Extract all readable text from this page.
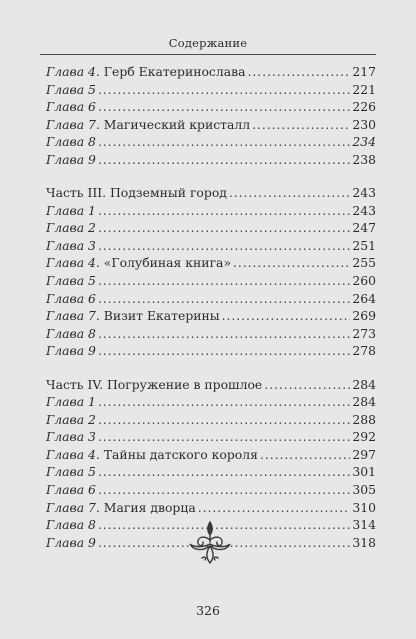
Содержание
Глава 4. Герб Екатеринослава . . .	217
Глава 5 . . .	221
Глава 6 . . .	226
Глава 7. Магический кристалл . . .	230
Глава 8 . . .	234
Глава 9 . . .	238
Часть III. Подземный город . . .	243
Глава 1 . . .	243
Глава 2 . . .	247
Глава 3 . . .	251
Глава 4. «Голубиная книга» . . .	255
Глава 5 . . .	260
Глава 6 . . .	264
Глава 7. Визит Екатерины . . .	269
Глава 8 . . .	273
Глава 9 . . .	278
Часть IV. Погружение в прошлое . . .	284
Глава 1 . . .	284
Глава 2 . . .	288
Глава 3 . . .	292
Глава 4. Тайны датского короля . . .	297
Глава 5 . . .	301
Глава 6 . . .	305
Глава 7. Магия дворца . . .	310
Глава 8 . . .	314
Глава 9 . . .	318
326
